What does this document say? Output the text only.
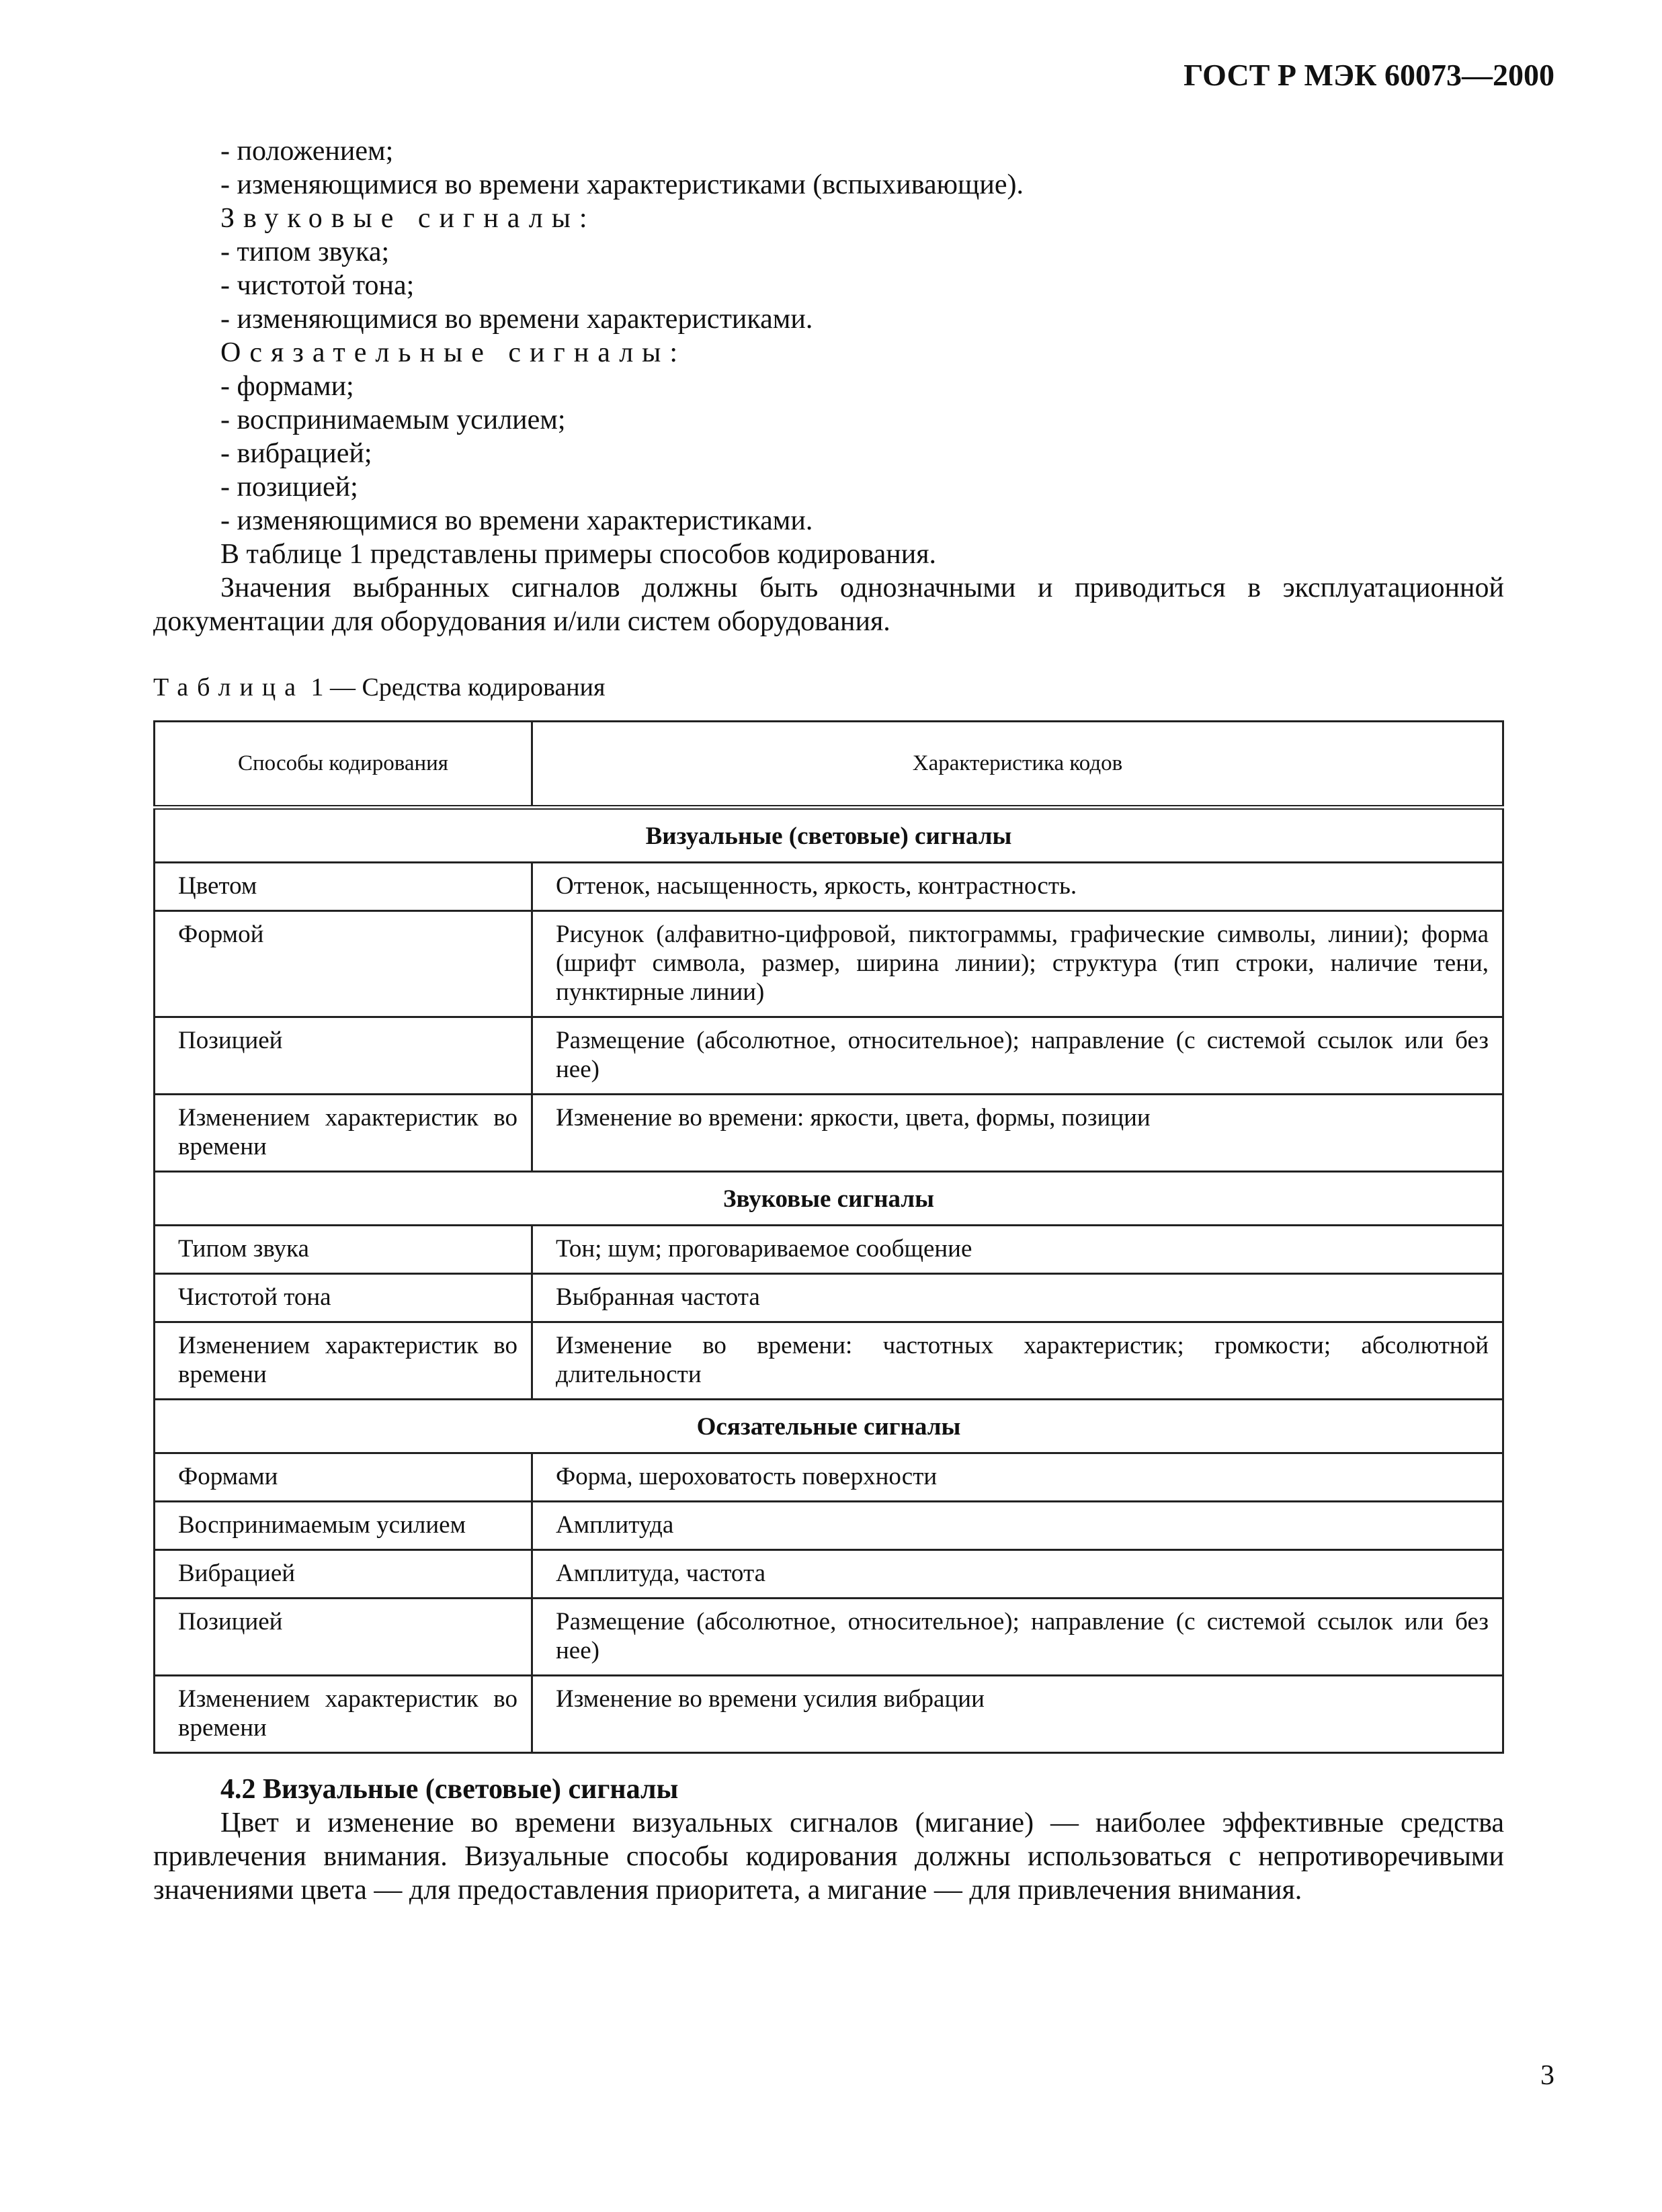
ГОСТ Р МЭК 60073—2000

- положением;

- изменяющимися во времени характеристиками (вспыхивающие).

Звуковые сигналы:

- типом звука;

- чистотой тона;

- изменяющимися во времени характеристиками.

Осязательные сигналы:

- формами;

- воспринимаемым усилием;

- вибрацией;

- позицией;

- изменяющимися во времени характеристиками.

В таблице 1 представлены примеры способов кодирования.

Значения выбранных сигналов должны быть однозначными и приводиться в эксплуатационной документации для оборудования и/или систем оборудования.

Таблица 1 — Средства кодирования
Способы кодирования	Характеристика кодов
Визуальные (световые) сигналы	
Цветом	Оттенок, насыщенность, яркость, контрастность.
Формой	Рисунок (алфавитно-цифровой, пиктограммы, графические символы, линии); форма (шрифт символа, размер, ширина линии); структура (тип строки, наличие тени, пунктирные линии)
Позицией	Размещение (абсолютное, относительное); направление (с системой ссылок или без нее)
Изменением характеристик во времени	Изменение во времени: яркости, цвета, формы, позиции
Звуковые сигналы	
Типом звука	Тон; шум; проговариваемое сообщение
Чистотой тона	Выбранная частота
Изменением характеристик во времени	Изменение во времени: частотных характеристик; громкости; абсолютной длительности
Осязательные сигналы	
Формами	Форма, шероховатость поверхности
Воспринимаемым усилием	Амплитуда
Вибрацией	Амплитуда, частота
Позицией	Размещение (абсолютное, относительное); направление (с системой ссылок или без нее)
Изменением характеристик во времени	Изменение во времени усилия вибрации
4.2 Визуальные (световые) сигналы

Цвет и изменение во времени визуальных сигналов (мигание) — наиболее эффективные средства привлечения внимания. Визуальные способы кодирования должны использоваться с непротиворечивыми значениями цвета — для предоставления приоритета, а мигание — для привлечения внимания.

3
